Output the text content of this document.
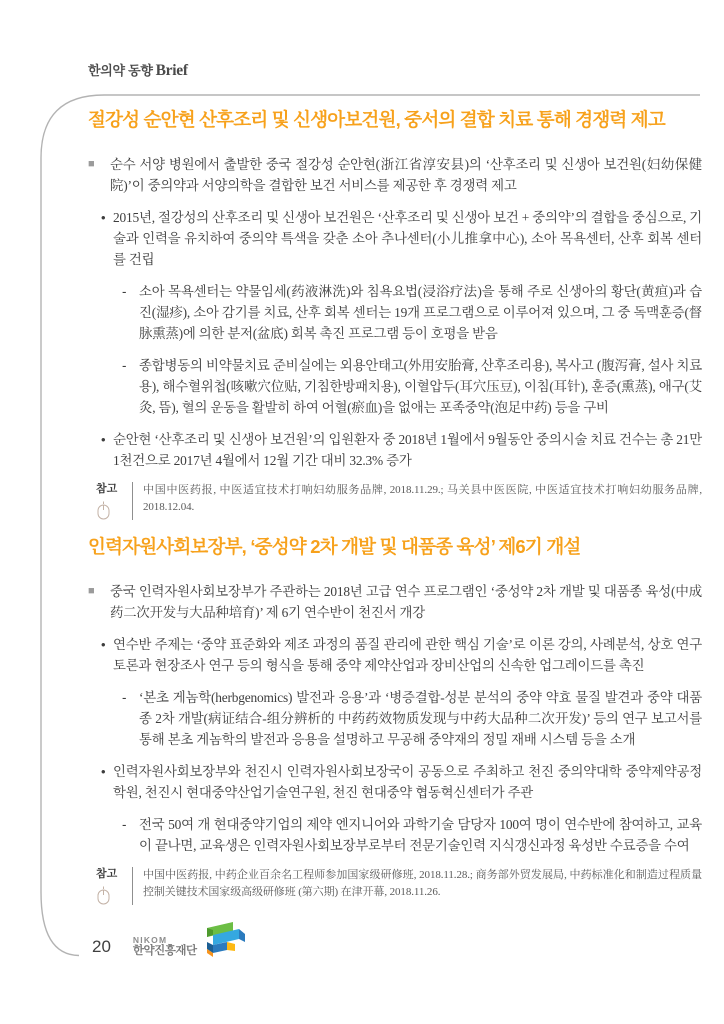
한의약 동향 Brief
절강성 순안현 산후조리 및 신생아보건원, 중서의 결합 치료 통해 경쟁력 제고
■	순수 서양 병원에서 출발한 중국 절강성 순안현(浙江省淳安县)의 ‘산후조리 및 신생아 보건원(妇幼保健院)’이 중의약과 서양의학을 결합한 보건 서비스를 제공한 후 경쟁력 제고

• 2015년, 절강성의 산후조리 및 신생아 보건원은 ‘산후조리 및 신생아 보건 + 중의약’의 결합을 중심으로, 기술과 인력을 유치하여 중의약 특색을 갖춘 소아 추나센터(小儿推拿中心), 소아 목욕센터, 산후 회복 센터를 건립

- 소아 목욕센터는 약물임세(药液淋洗)와 침욕요법(浸浴疗法)을 통해 주로 신생아의 황단(黄疸)과 습진(湿疹), 소아 감기를 치료, 산후 회복 센터는 19개 프로그램으로 이루어져 있으며, 그 중 독맥훈증(督脉熏蒸)에 의한 분저(盆底) 회복 촉진 프로그램 등이 호평을 받음

- 종합병동의 비약물치료 준비실에는 외용안태고(外用安胎膏, 산후조리용), 복사고 (腹泻膏, 설사 치료용), 해수혈위첩(咳嗽穴位贴, 기침한방패치용), 이혈압두(耳穴压豆), 이침(耳针), 훈증(熏蒸), 애구(艾灸, 뜸), 혈의 운동을 활발히 하여 어혈(瘀血)을 없애는 포족중약(泡足中药) 등을 구비

• 순안현 ‘산후조리 및 신생아 보건원’의 입원환자 중 2018년 1월에서 9월동안 중의시술 치료 건수는 총 21만 1천건으로 2017년 4월에서 12월 기간 대비 32.3% 증가

참고	中国中医药报, 中医适宜技术打响妇幼服务品牌, 2018.11.29.; 马关县中医医院, 中医适宜技术打响妇幼服务品牌, 2018.12.04.

인력자원사회보장부, ‘중성약 2차 개발 및 대품종 육성’ 제6기 개설
■	중국 인력자원사회보장부가 주관하는 2018년 고급 연수 프로그램인 ‘중성약 2차 개발 및 대품종 육성(中成药二次开发与大品种培育)’ 제 6기 연수반이 천진서 개강

• 연수반 주제는 ‘중약 표준화와 제조 과정의 품질 관리에 관한 핵심 기술’로 이론 강의, 사례분석, 상호 연구 토론과 현장조사 연구 등의 형식을 통해 중약 제약산업과 장비산업의 신속한 업그레이드를 촉진

- ‘본초 게놈학(herbgenomics) 발전과 응용’과 ‘병증결합-성분 분석의 중약 약효 물질 발견과 중약 대품종 2차 개발(病证结合-组分辨析的 中药药效物质发现与中药大品种二次开发)’ 등의 연구 보고서를 통해 본초 게놈학의 발전과 응용을 설명하고 무공해 중약재의 정밀 재배 시스템 등을 소개

• 인력자원사회보장부와 천진시 인력자원사회보장국이 공동으로 주최하고 천진 중의약대학 중약제약공정학원, 천진시 현대중약산업기술연구원, 천진 현대중약 협동혁신센터가 주관

- 전국 50여 개 현대중약기업의 제약 엔지니어와 과학기술 담당자 100여 명이 연수반에 참여하고, 교육이 끝나면, 교육생은 인력자원사회보장부로부터 전문기술인력 지식갱신과정 육성반 수료증을 수여

참고	中国中医药报, 中药企业百余名工程师参加国家级研修班, 2018.11.28.; 商务部外贸发展局, 中药标准化和制造过程质量控制关键技术国家级高级研修班 (第六期) 在津开幕, 2018.11.26.

20	NIKOM
한약진흥재단
